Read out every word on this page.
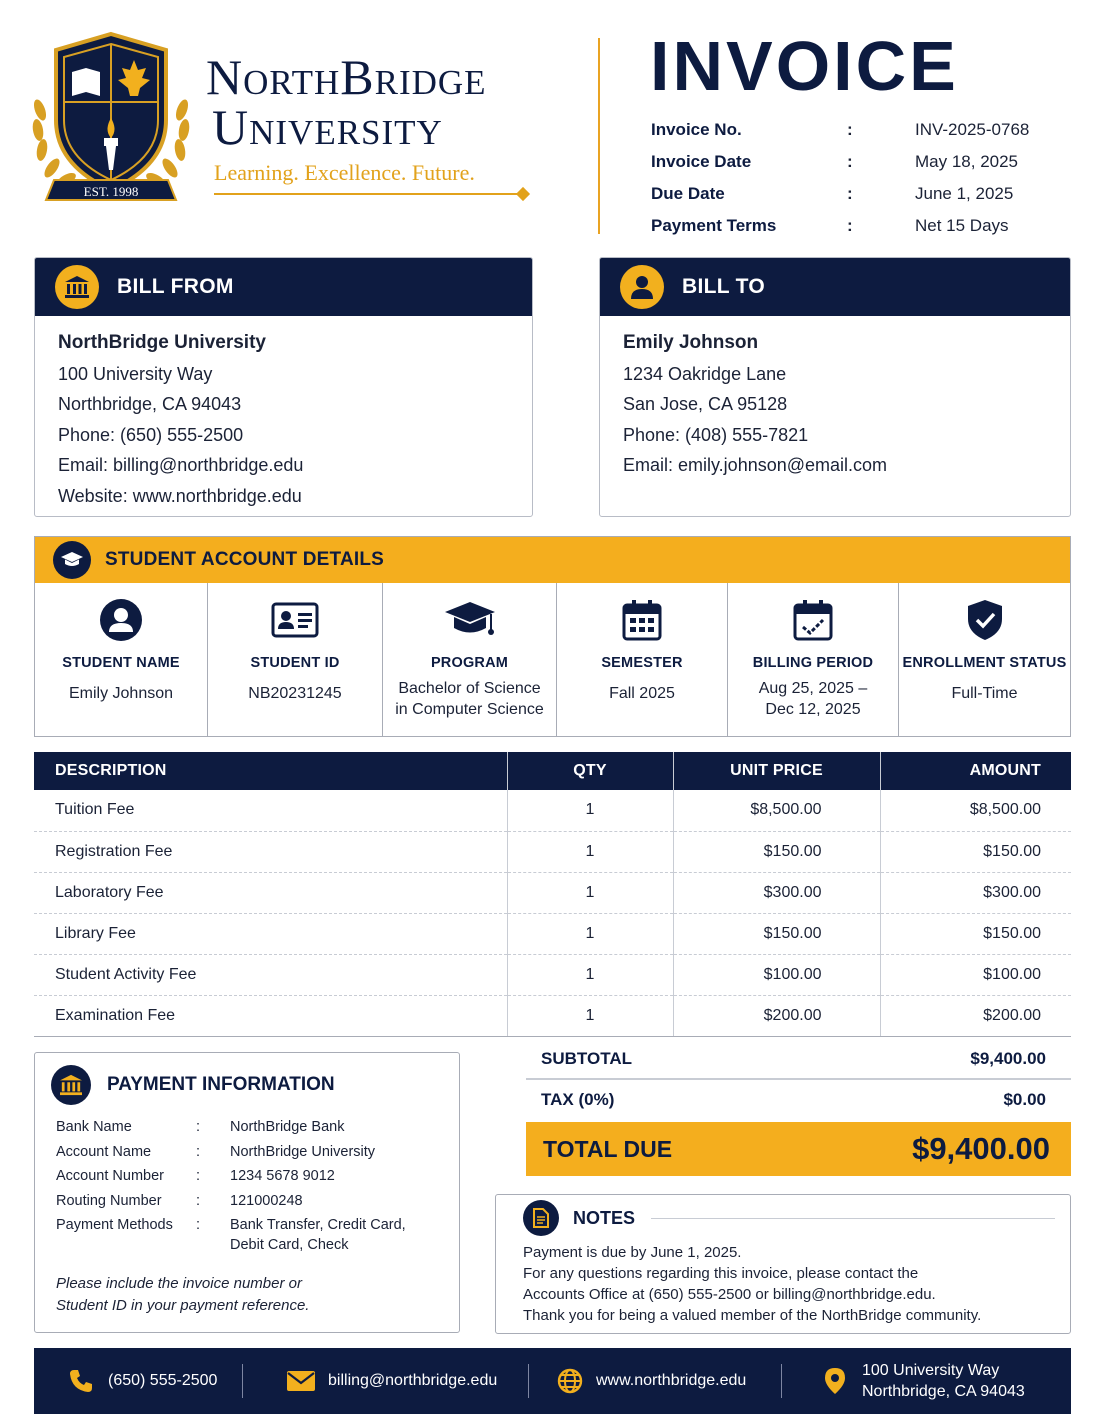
EST. 1998
NorthBridge
University
Learning. Excellence. Future.
INVOICE
Invoice No.	:	INV-2025-0768
Invoice Date	:	May 18, 2025
Due Date	:	June 1, 2025
Payment Terms	:	Net 15 Days
BILL FROM
NorthBridge University
100 University Way
Northbridge, CA 94043
Phone: (650) 555-2500
Email: billing@northbridge.edu
Website: www.northbridge.edu
BILL TO
Emily Johnson
1234 Oakridge Lane
San Jose, CA 95128
Phone: (408) 555-7821
Email: emily.johnson@email.com
STUDENT ACCOUNT DETAILS
STUDENT NAME
Emily Johnson
STUDENT ID
NB20231245
PROGRAM
Bachelor of Science in Computer Science
SEMESTER
Fall 2025
BILLING PERIOD
Aug 25, 2025 – Dec 12, 2025
ENROLLMENT STATUS
Full-Time
DESCRIPTION	QTY	UNIT PRICE	AMOUNT
Tuition Fee	1	$8,500.00	$8,500.00
Registration Fee	1	$150.00	$150.00
Laboratory Fee	1	$300.00	$300.00
Library Fee	1	$150.00	$150.00
Student Activity Fee	1	$100.00	$100.00
Examination Fee	1	$200.00	$200.00
PAYMENT INFORMATION
Bank Name	:	NorthBridge Bank
Account Name	:	NorthBridge University
Account Number	:	1234 5678 9012
Routing Number	:	121000248
Payment Methods	:	Bank Transfer, Credit Card, Debit Card, Check
Please include the invoice number or Student ID in your payment reference.
SUBTOTAL	$9,400.00
TAX (0%)	$0.00
TOTAL DUE	$9,400.00
NOTES
Payment is due by June 1, 2025.
For any questions regarding this invoice, please contact the
Accounts Office at (650) 555-2500 or billing@northbridge.edu.
Thank you for being a valued member of the NorthBridge community.
(650) 555-2500	billing@northbridge.edu	www.northbridge.edu
100 University Way
Northbridge, CA 94043
